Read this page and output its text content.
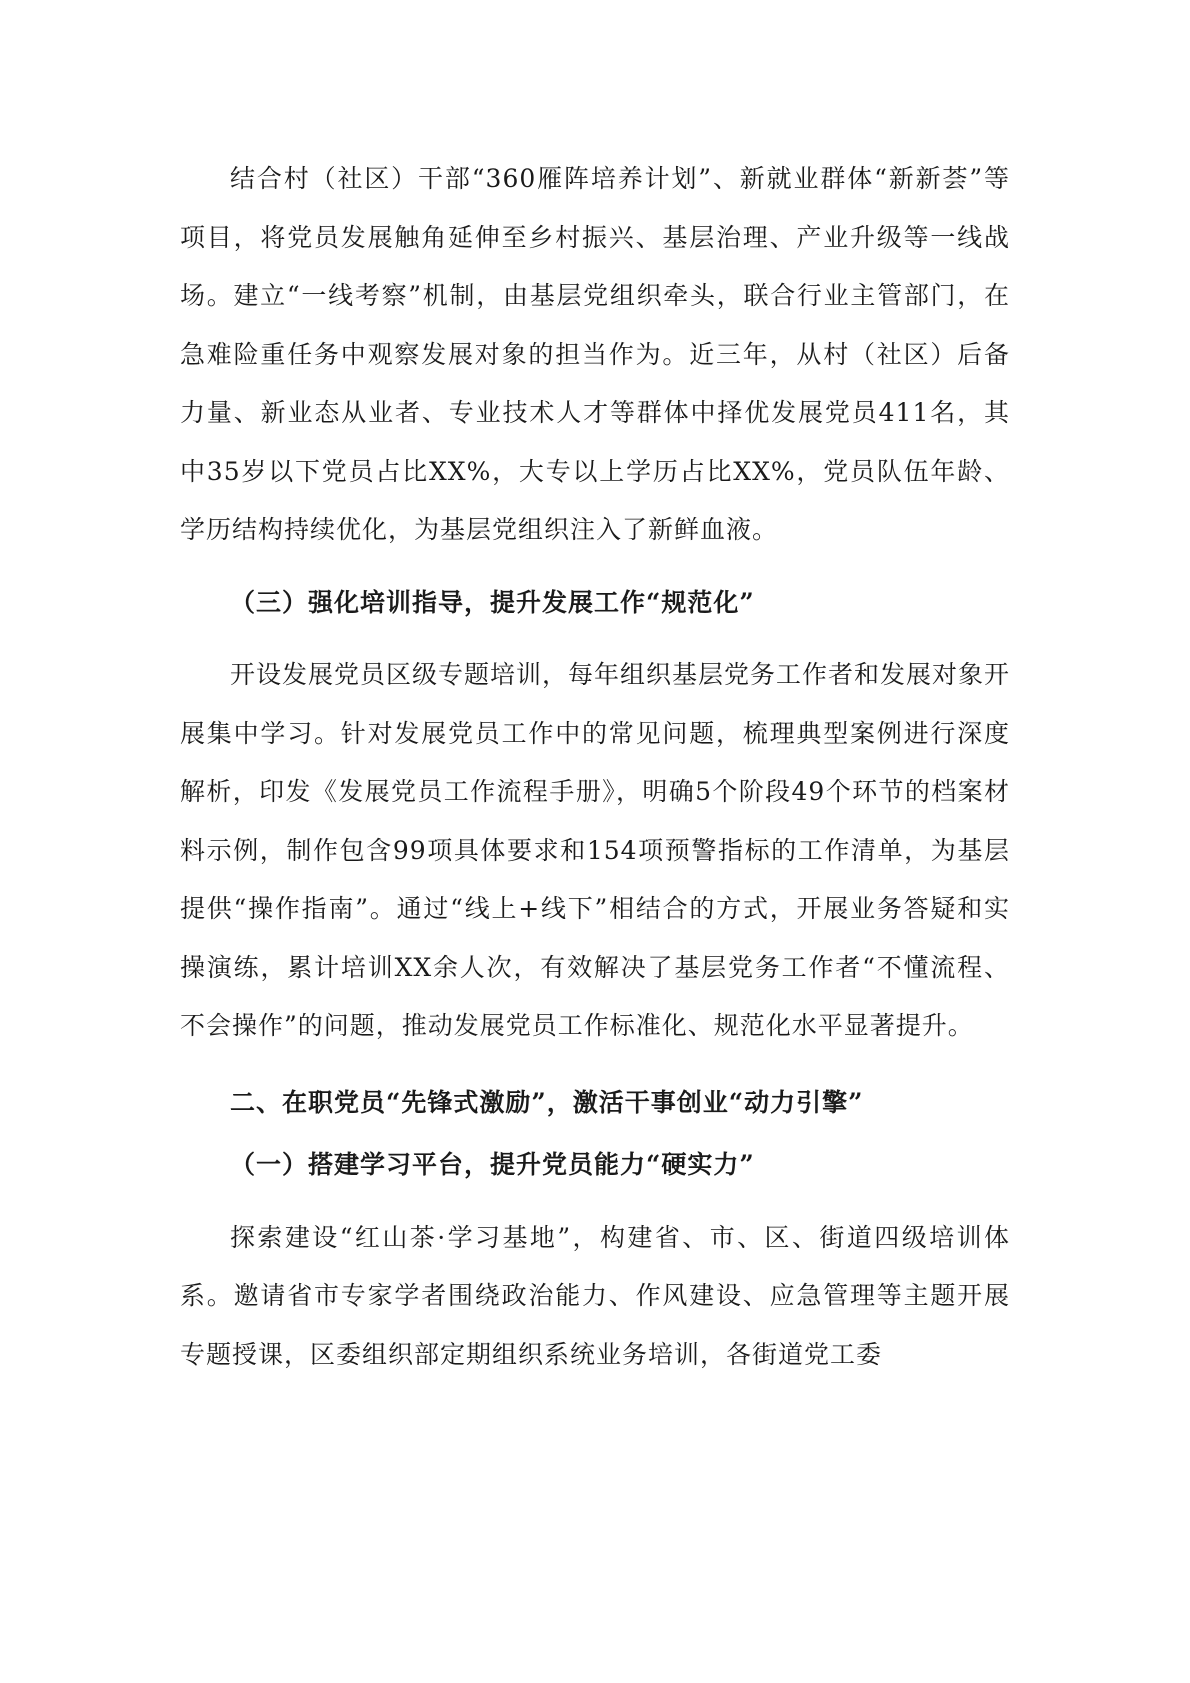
结合村（社区）干部“360雁阵培养计划”、新就业群体“新新荟”等项目，将党员发展触角延伸至乡村振兴、基层治理、产业升级等一线战场。建立“一线考察”机制，由基层党组织牵头，联合行业主管部门，在急难险重任务中观察发展对象的担当作为。近三年，从村（社区）后备力量、新业态从业者、专业技术人才等群体中择优发展党员411名，其中35岁以下党员占比XX%，大专以上学历占比XX%，党员队伍年龄、学历结构持续优化，为基层党组织注入了新鲜血液。

（三）强化培训指导，提升发展工作“规范化”

开设发展党员区级专题培训，每年组织基层党务工作者和发展对象开展集中学习。针对发展党员工作中的常见问题，梳理典型案例进行深度解析，印发《发展党员工作流程手册》，明确5个阶段49个环节的档案材料示例，制作包含99项具体要求和154项预警指标的工作清单，为基层提供“操作指南”。通过“线上+线下”相结合的方式，开展业务答疑和实操演练，累计培训XX余人次，有效解决了基层党务工作者“不懂流程、不会操作”的问题，推动发展党员工作标准化、规范化水平显著提升。

二、在职党员“先锋式激励”，激活干事创业“动力引擎”

（一）搭建学习平台，提升党员能力“硬实力”

探索建设“红山茶·学习基地”，构建省、市、区、街道四级培训体系。邀请省市专家学者围绕政治能力、作风建设、应急管理等主题开展专题授课，区委组织部定期组织系统业务培训，各街道党工委
